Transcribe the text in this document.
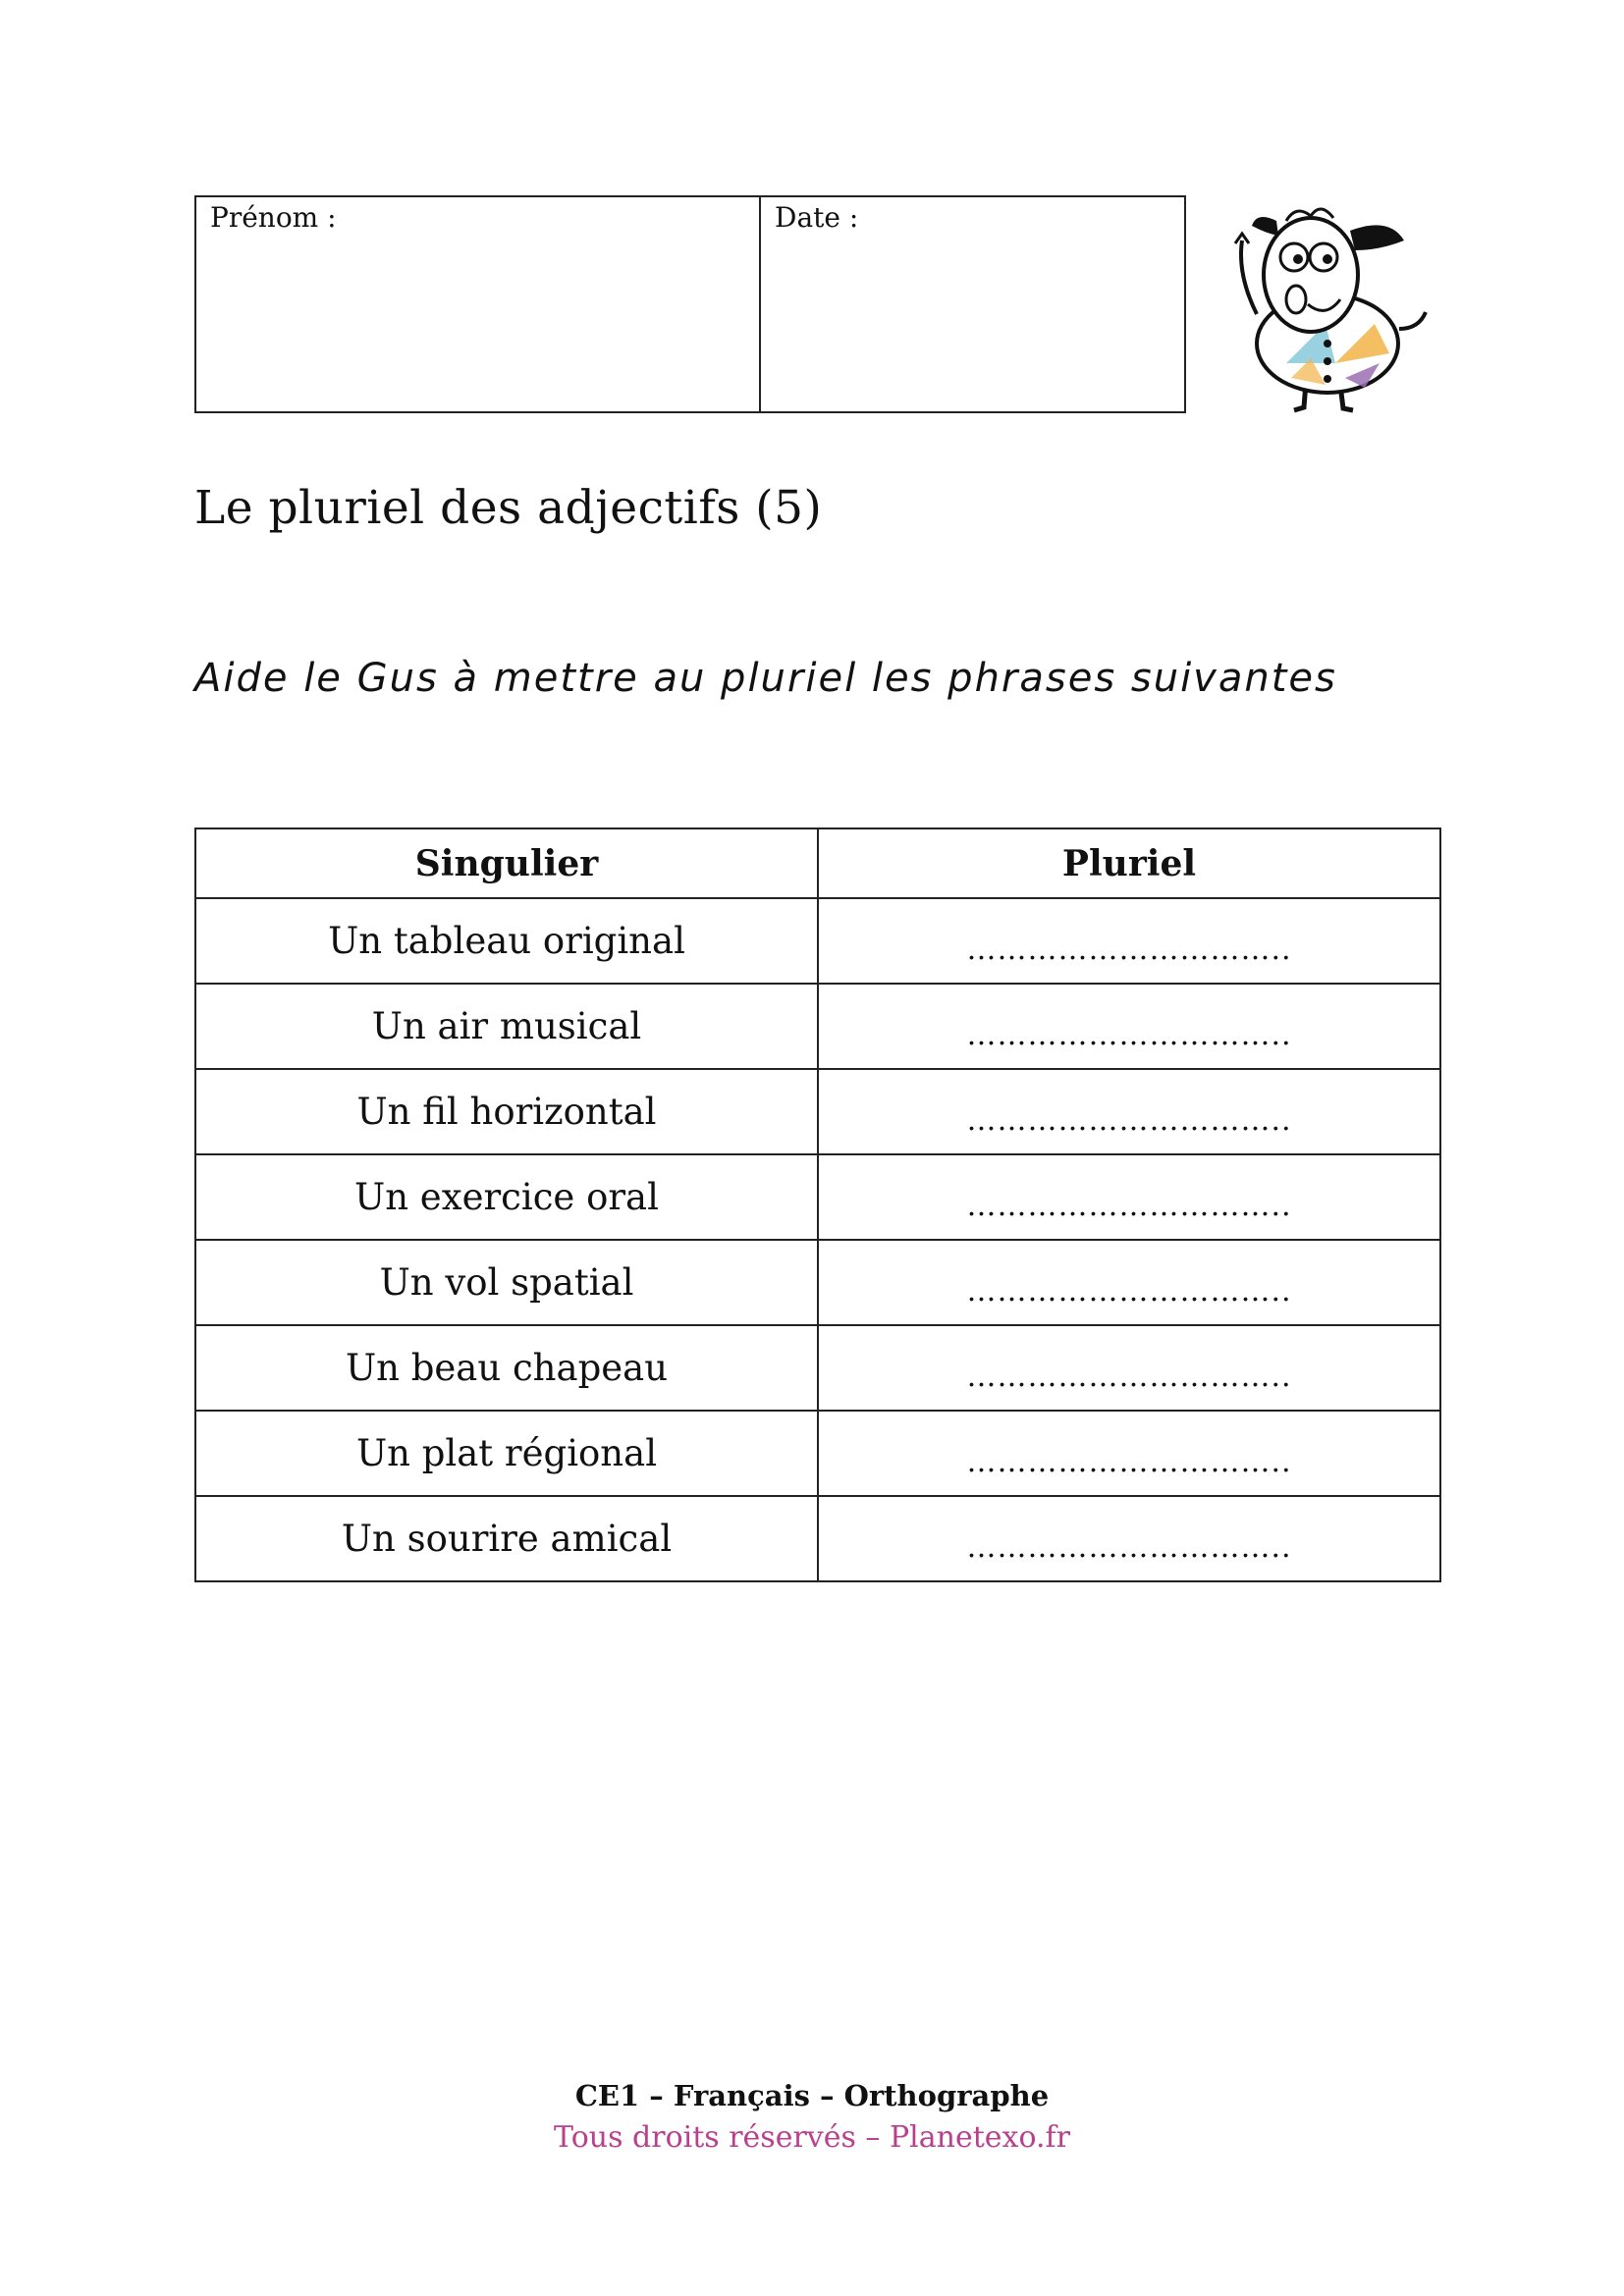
Prénom :	Date :
Le pluriel des adjectifs (5)
Aide le Gus à mettre au pluriel les phrases suivantes
Singulier	Pluriel
Un tableau original	…………………………..
Un air musical	…………………………..
Un fil horizontal	…………………………..
Un exercice oral	…………………………..
Un vol spatial	…………………………..
Un beau chapeau	…………………………..
Un plat régional	…………………………..
Un sourire amical	…………………………..
CE1 – Français – Orthographe
Tous droits réservés – Planetexo.fr
